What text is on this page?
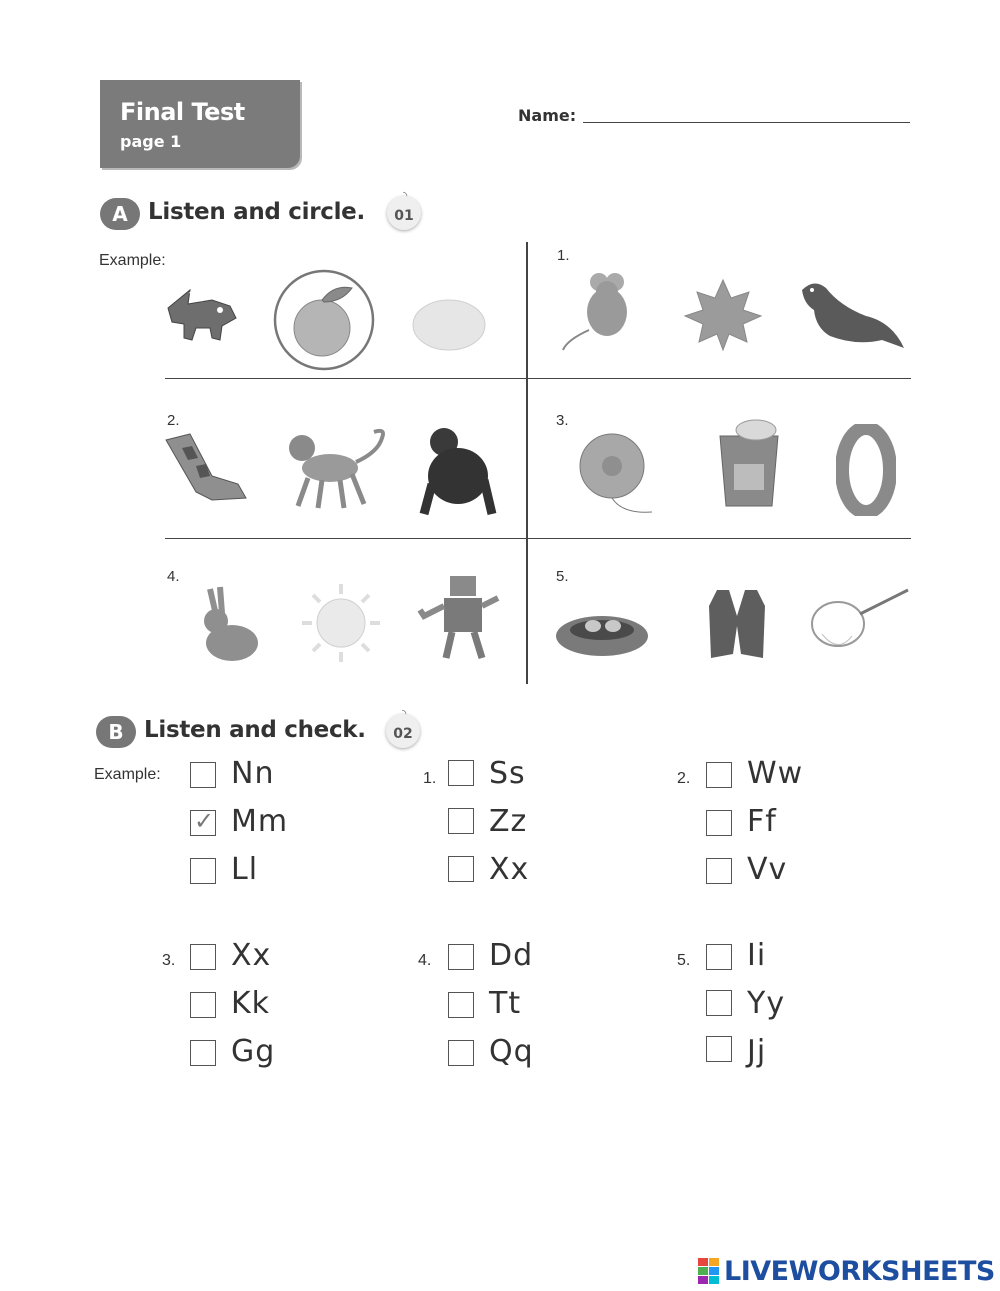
Final Test
page 1
Name:
A Listen and circle.
◝
01
Example:	1.
2.	3.
4.	5.
B Listen and check.
◝
02
Example: Nn
✓ Mm
Ll
1. Ss
Zz
Xx
2. Ww
Ff
Vv
3. Xx
Kk
Gg
4. Dd
Tt
Qq
5. Ii
Yy
Jj
LIVEWORKSHEETS
